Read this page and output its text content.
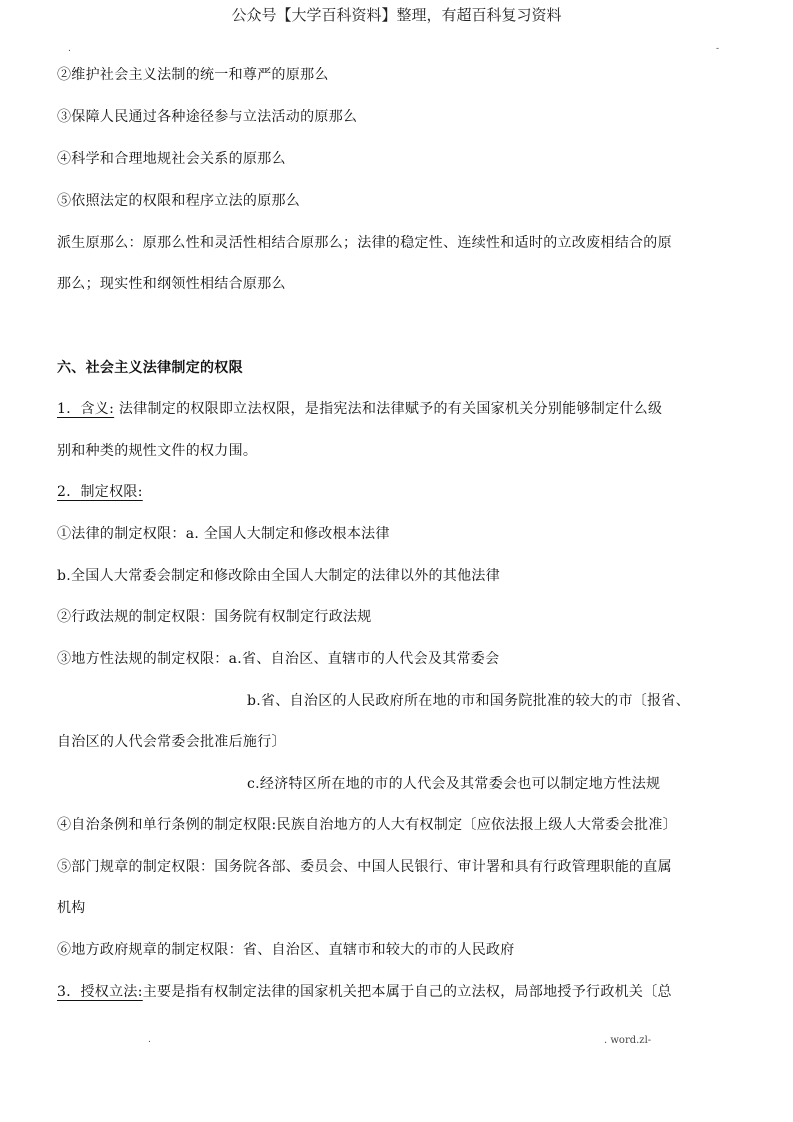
公众号【大学百科资料】整理，有超百科复习资料
.	-
②维护社会主义法制的统一和尊严的原那么
③保障人民通过各种途径参与立法活动的原那么
④科学和合理地规社会关系的原那么
⑤依照法定的权限和程序立法的原那么
派生原那么：原那么性和灵活性相结合原那么；法律的稳定性、连续性和适时的立改废相结合的原
那么；现实性和纲领性相结合原那么
六、社会主义法律制定的权限
1．含义: 法律制定的权限即立法权限，是指宪法和法律赋予的有关国家机关分别能够制定什么级
别和种类的规性文件的权力围。
2．制定权限:
①法律的制定权限：a. 全国人大制定和修改根本法律
b.全国人大常委会制定和修改除由全国人大制定的法律以外的其他法律
②行政法规的制定权限：国务院有权制定行政法规
③地方性法规的制定权限：a.省、自治区、直辖市的人代会及其常委会
b.省、自治区的人民政府所在地的市和国务院批准的较大的市〔报省、
自治区的人代会常委会批准后施行〕
c.经济特区所在地的市的人代会及其常委会也可以制定地方性法规
④自治条例和单行条例的制定权限:民族自治地方的人大有权制定〔应依法报上级人大常委会批准〕
⑤部门规章的制定权限：国务院各部、委员会、中国人民银行、审计署和具有行政管理职能的直属
机构
⑥地方政府规章的制定权限：省、自治区、直辖市和较大的市的人民政府
3．授权立法:主要是指有权制定法律的国家机关把本属于自己的立法权，局部地授予行政机关〔总
.	. word.zl-
